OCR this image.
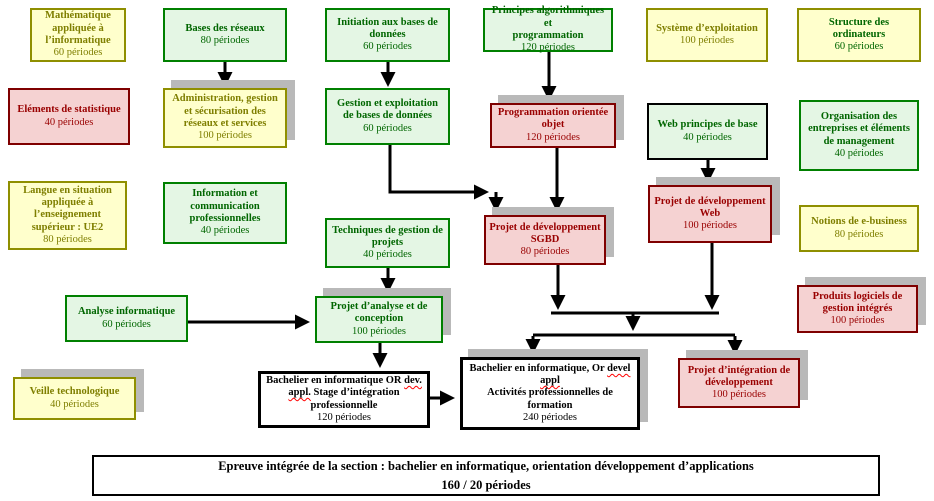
Mathématique
appliquée à
l’informatique
60 périodes
Bases des réseaux
80 périodes
Initiation aux bases de
données
60 périodes
Principes algorithmiques et
programmation
120 périodes
Système d’exploitation
100 périodes
Structure des
ordinateurs
60 périodes
Eléments de statistique
40 périodes
Administration, gestion
et sécurisation des
réseaux et services
100 périodes
Gestion et exploitation
de bases de données
60 périodes
Programmation orientée
objet
120 périodes
Web principes de base
40 périodes
Organisation des
entreprises et éléments
de management
40 périodes
Langue en situation
appliquée à
l’enseignement
supérieur : UE2
80 périodes
Information et
communication
professionnelles
40 périodes	Techniques de gestion de
projets
40 périodes
Projet de développement
SGBD
80 périodes
Projet de développement
Web
100 périodes	Notions de e-business
80 périodes
Analyse informatique
60 périodes
Projet d’analyse et de
conception
100 périodes
Produits logiciels de
gestion intégrés
100 périodes
Veille technologique
40 périodes
Bachelier en informatique OR dev.
appl. Stage d’intégration
professionnelle
120 périodes
Bachelier en informatique, Or devel
appl
Activités professionnelles de
formation
240 périodes
Projet d’intégration de
développement
100 périodes
Epreuve intégrée de la section : bachelier en informatique, orientation développement d’applications
160 / 20 périodes
